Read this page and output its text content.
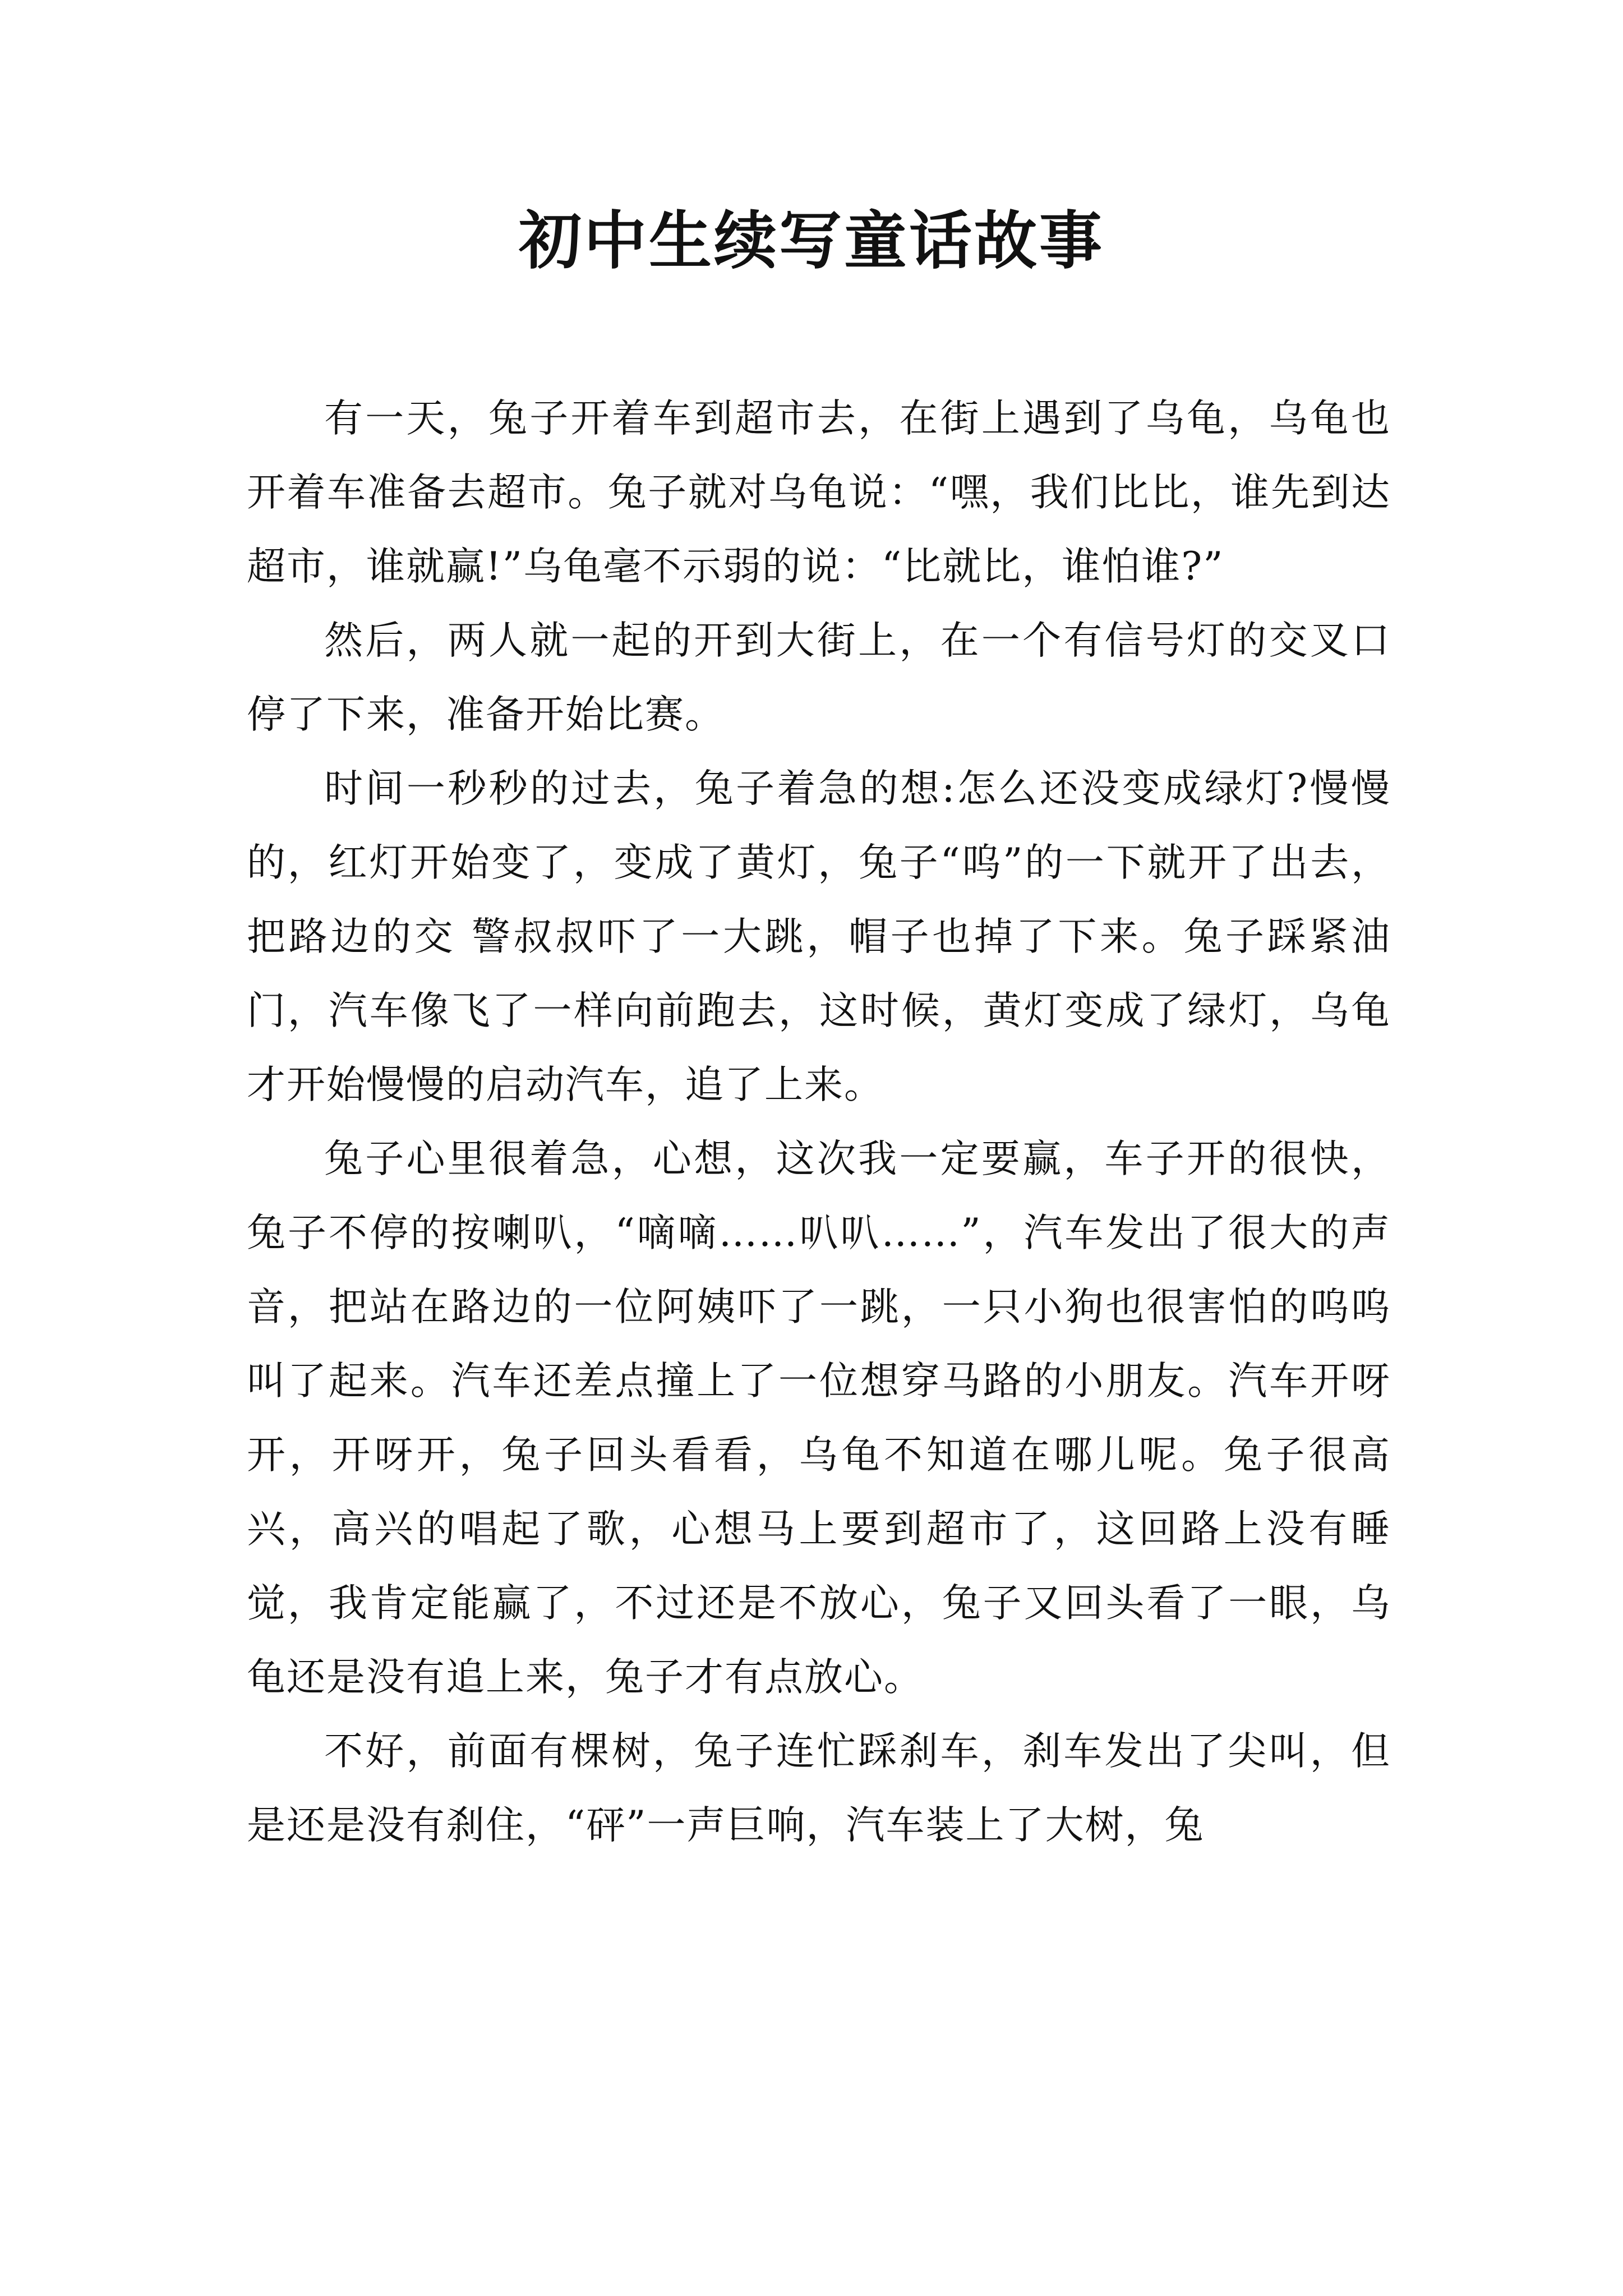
初中生续写童话故事

有一天，兔子开着车到超市去，在街上遇到了乌龟，乌龟也开着车准备去超市。兔子就对乌龟说：“嘿，我们比比，谁先到达超市，谁就赢!”乌龟毫不示弱的说：“比就比，谁怕谁?”

然后，两人就一起的开到大街上，在一个有信号灯的交叉口停了下来，准备开始比赛。

时间一秒秒的过去，兔子着急的想:怎么还没变成绿灯?慢慢的，红灯开始变了，变成了黄灯，兔子“呜”的一下就开了出去，把路边的交 警叔叔吓了一大跳，帽子也掉了下来。兔子踩紧油门，汽车像飞了一样向前跑去，这时候，黄灯变成了绿灯，乌龟才开始慢慢的启动汽车，追了上来。

兔子心里很着急，心想，这次我一定要赢，车子开的很快，兔子不停的按喇叭，“嘀嘀……叭叭……”，汽车发出了很大的声音，把站在路边的一位阿姨吓了一跳，一只小狗也很害怕的呜呜叫了起来。汽车还差点撞上了一位想穿马路的小朋友。汽车开呀开，开呀开，兔子回头看看，乌龟不知道在哪儿呢。兔子很高兴，高兴的唱起了歌，心想马上要到超市了，这回路上没有睡觉，我肯定能赢了，不过还是不放心，兔子又回头看了一眼，乌龟还是没有追上来，兔子才有点放心。

不好，前面有棵树，兔子连忙踩刹车，刹车发出了尖叫，但是还是没有刹住，“砰”一声巨响，汽车装上了大树，兔
